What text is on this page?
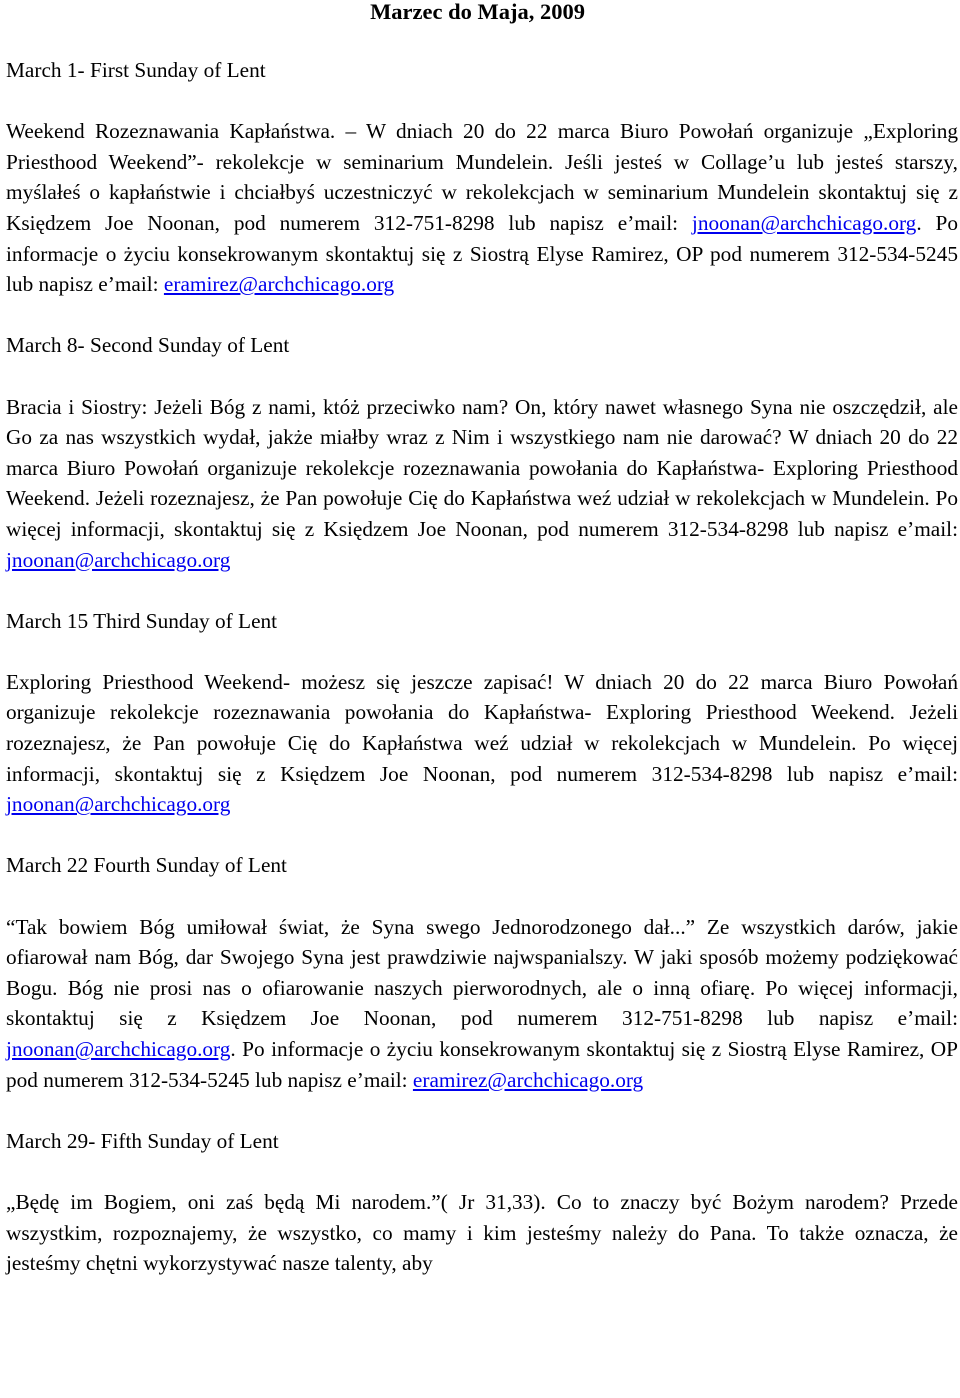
Marzec do Maja, 2009
March 1- First Sunday of Lent

Weekend Rozeznawania Kapłaństwa. – W dniach 20 do 22 marca Biuro Powołań organizuje „Exploring Priesthood Weekend”- rekolekcje w seminarium Mundelein. Jeśli jesteś w Collage’u lub jesteś starszy, myślałeś o kapłaństwie i chciałbyś uczestniczyć w rekolekcjach w seminarium Mundelein skontaktuj się z Księdzem Joe Noonan, pod numerem 312-751-8298 lub napisz e’mail: jnoonan@archchicago.org. Po informacje o życiu konsekrowanym skontaktuj się z Siostrą Elyse Ramirez, OP pod numerem 312-534-5245 lub napisz e’mail: eramirez@archchicago.org

March 8- Second Sunday of Lent

Bracia i Siostry: Jeżeli Bóg z nami, któż przeciwko nam? On, który nawet własnego Syna nie oszczędził, ale Go za nas wszystkich wydał, jakże miałby wraz z Nim i wszystkiego nam nie darować? W dniach 20 do 22 marca Biuro Powołań organizuje rekolekcje rozeznawania powołania do Kapłaństwa- Exploring Priesthood Weekend. Jeżeli rozeznajesz, że Pan powołuje Cię do Kapłaństwa weź udział w rekolekcjach w Mundelein. Po więcej informacji, skontaktuj się z Księdzem Joe Noonan, pod numerem 312-534-8298 lub napisz e’mail: jnoonan@archchicago.org

March 15 Third Sunday of Lent

Exploring Priesthood Weekend- możesz się jeszcze zapisać! W dniach 20 do 22 marca Biuro Powołań organizuje rekolekcje rozeznawania powołania do Kapłaństwa- Exploring Priesthood Weekend. Jeżeli rozeznajesz, że Pan powołuje Cię do Kapłaństwa weź udział w rekolekcjach w Mundelein. Po więcej informacji, skontaktuj się z Księdzem Joe Noonan, pod numerem 312-534-8298 lub napisz e’mail: jnoonan@archchicago.org

March 22 Fourth Sunday of Lent

“Tak bowiem Bóg umiłował świat, że Syna swego Jednorodzonego dał...” Ze wszystkich darów, jakie ofiarował nam Bóg, dar Swojego Syna jest prawdziwie najwspanialszy. W jaki sposób możemy podziękować Bogu. Bóg nie prosi nas o ofiarowanie naszych pierworodnych, ale o inną ofiarę. Po więcej informacji, skontaktuj się z Księdzem Joe Noonan, pod numerem 312-751-8298 lub napisz e’mail: jnoonan@archchicago.org. Po informacje o życiu konsekrowanym skontaktuj się z Siostrą Elyse Ramirez, OP pod numerem 312-534-5245 lub napisz e’mail: eramirez@archchicago.org

March 29- Fifth Sunday of Lent

„Będę im Bogiem, oni zaś będą Mi narodem.”( Jr 31,33). Co to znaczy być Bożym narodem? Przede wszystkim, rozpoznajemy, że wszystko, co mamy i kim jesteśmy należy do Pana. To także oznacza, że jesteśmy chętni wykorzystywać nasze talenty, aby
